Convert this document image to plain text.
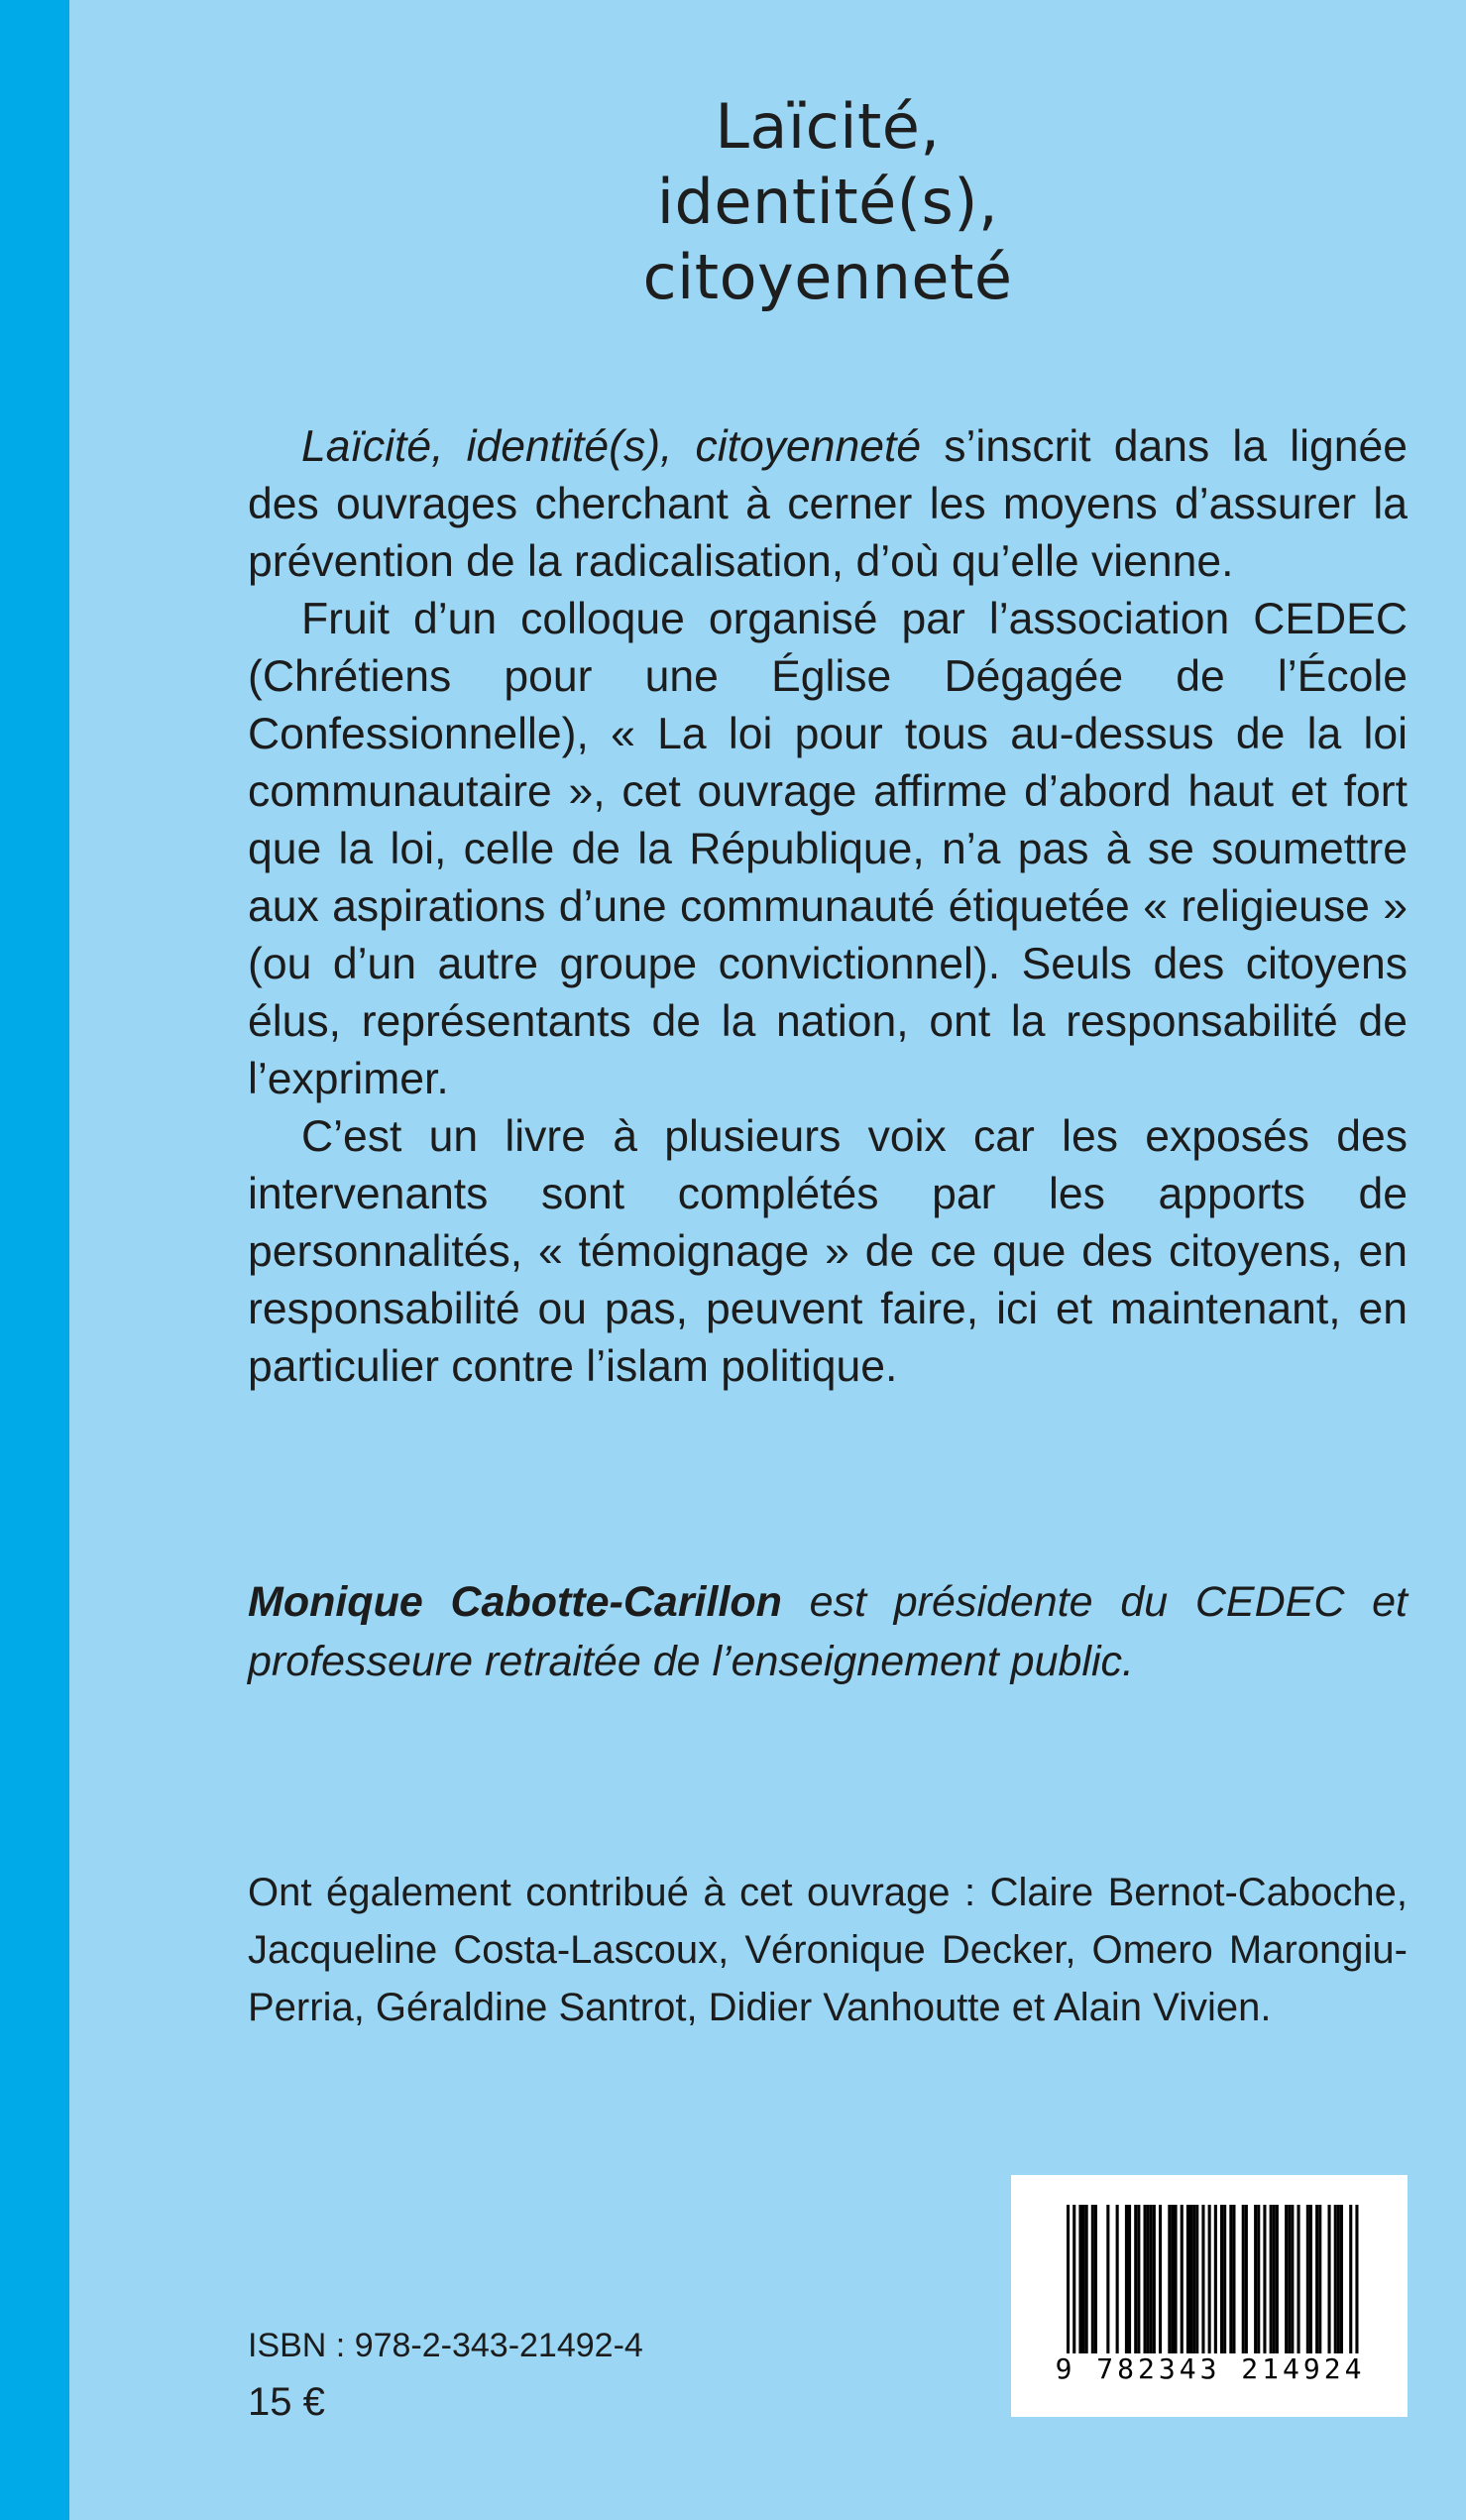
Laïcité,
identité(s),
citoyenneté

Laïcité, identité(s), citoyenneté s’inscrit dans la lignée des ouvrages cherchant à cerner les moyens d’assurer la prévention de la radicalisation, d’où qu’elle vienne.

Fruit d’un colloque organisé par l’association CEDEC (Chrétiens pour une Église Dégagée de l’École Confessionnelle), « La loi pour tous au-dessus de la loi communautaire », cet ouvrage affirme d’abord haut et fort que la loi, celle de la République, n’a pas à se soumettre aux aspirations d’une communauté étiquetée « religieuse » (ou d’un autre groupe convictionnel). Seuls des citoyens élus, représentants de la nation, ont la responsabilité de l’exprimer.

C’est un livre à plusieurs voix car les exposés des intervenants sont complétés par les apports de personnalités, « témoignage » de ce que des citoyens, en responsabilité ou pas, peuvent faire, ici et maintenant, en particulier contre l’islam politique.

Monique Cabotte-Carillon est présidente du CEDEC et professeure retraitée de l’enseignement public.
Ont également contribué à cet ouvrage : Claire Bernot-Caboche, Jacqueline Costa-Lascoux, Véronique Decker, Omero Marongiu-Perria, Géraldine Santrot, Didier Vanhoutte et Alain Vivien.
ISBN : 978-2-343-21492-4
15 €
9 782343 214924
